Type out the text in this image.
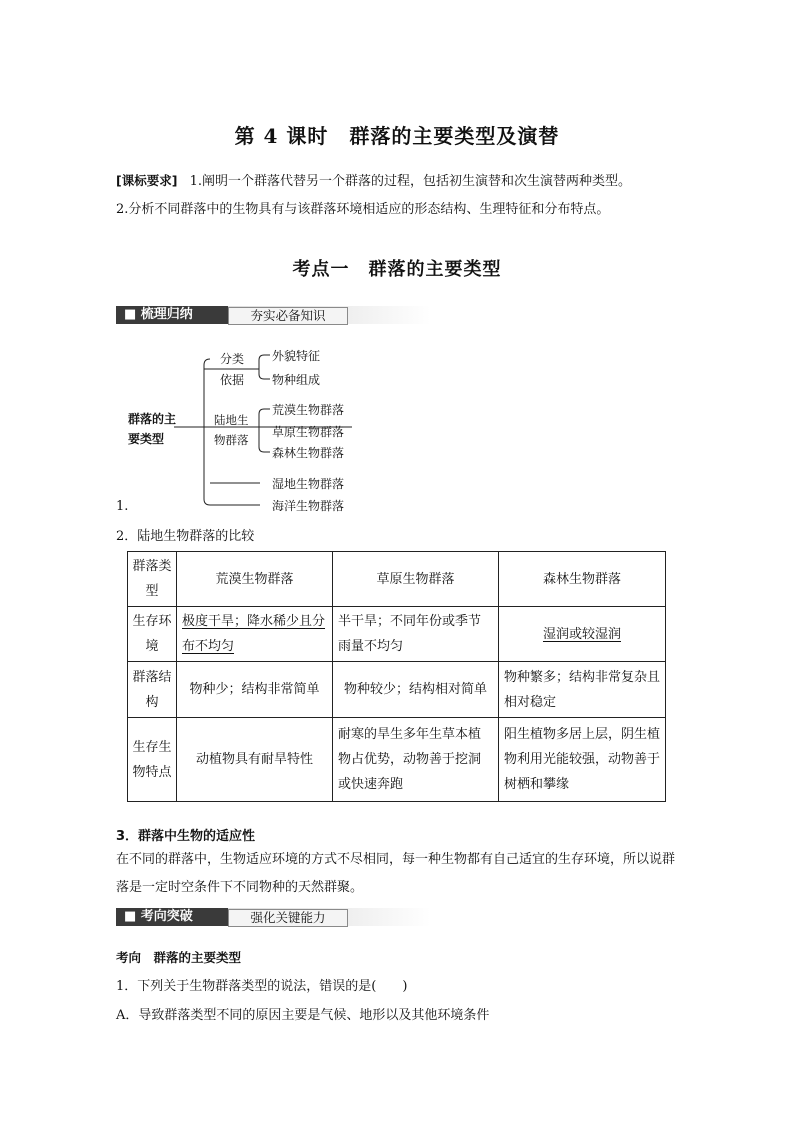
第 4 课时　群落的主要类型及演替
[课标要求] 1.阐明一个群落代替另一个群落的过程，包括初生演替和次生演替两种类型。
2.分析不同群落中的生物具有与该群落环境相适应的形态结构、生理特征和分布特点。
考点一　群落的主要类型
■ 梳理归纳	夯实必备知识
群落的主
要类型
分类
依据
外貌特征
物种组成
陆地生
物群落
荒漠生物群落
草原生物群落
森林生物群落
湿地生物群落
海洋生物群落
1.
2．陆地生物群落的比较
群落类型	荒漠生物群落	草原生物群落	森林生物群落
生存环境	极度干旱；降水稀少且分布不均匀	半干旱；不同年份或季节雨量不均匀	湿润或较湿润
群落结构	物种少；结构非常简单	物种较少；结构相对简单	物种繁多；结构非常复杂且相对稳定
生存生物特点	动植物具有耐旱特性	耐寒的旱生多年生草本植物占优势，动物善于挖洞或快速奔跑	阳生植物多居上层，阴生植物利用光能较强，动物善于树栖和攀缘
3．群落中生物的适应性
在不同的群落中，生物适应环境的方式不尽相同，每一种生物都有自己适宜的生存环境，所以说群落是一定时空条件下不同物种的天然群聚。
■ 考向突破	强化关键能力
考向　群落的主要类型
1．下列关于生物群落类型的说法，错误的是(　　)
A．导致群落类型不同的原因主要是气候、地形以及其他环境条件
